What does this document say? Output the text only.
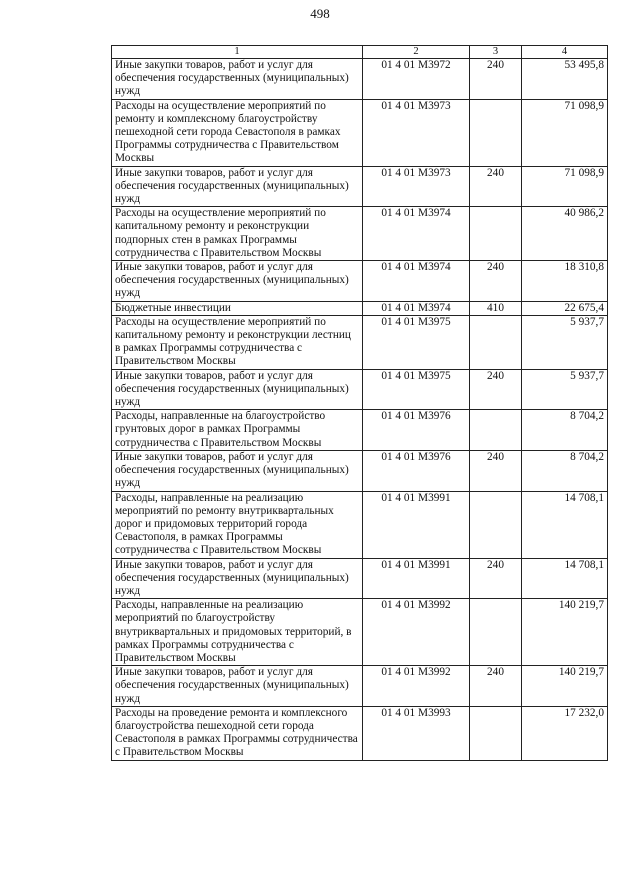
498
1	2	3	4
Иные закупки товаров, работ и услуг для обеспечения государственных (муниципальных) нужд	01 4 01 М3972	240	53 495,8
Расходы на осуществление мероприятий по ремонту и комплексному благоустройству пешеходной сети города Севастополя в рамках Программы сотрудничества с Правительством Москвы	01 4 01 М3973		71 098,9
Иные закупки товаров, работ и услуг для обеспечения государственных (муниципальных) нужд	01 4 01 М3973	240	71 098,9
Расходы на осуществление мероприятий по капитальному ремонту и реконструкции подпорных стен в рамках Программы сотрудничества с Правительством Москвы	01 4 01 М3974		40 986,2
Иные закупки товаров, работ и услуг для обеспечения государственных (муниципальных) нужд	01 4 01 М3974	240	18 310,8
Бюджетные инвестиции	01 4 01 М3974	410	22 675,4
Расходы на осуществление мероприятий по капитальному ремонту и реконструкции лестниц в рамках Программы сотрудничества с Правительством Москвы	01 4 01 М3975		5 937,7
Иные закупки товаров, работ и услуг для обеспечения государственных (муниципальных) нужд	01 4 01 М3975	240	5 937,7
Расходы, направленные на благоустройство грунтовых дорог в рамках Программы сотрудничества с Правительством Москвы	01 4 01 М3976		8 704,2
Иные закупки товаров, работ и услуг для обеспечения государственных (муниципальных) нужд	01 4 01 М3976	240	8 704,2
Расходы, направленные на реализацию мероприятий по ремонту внутриквартальных дорог и придомовых территорий города Севастополя, в рамках Программы сотрудничества с Правительством Москвы	01 4 01 М3991		14 708,1
Иные закупки товаров, работ и услуг для обеспечения государственных (муниципальных) нужд	01 4 01 М3991	240	14 708,1
Расходы, направленные на реализацию мероприятий по благоустройству внутриквартальных и придомовых территорий, в рамках Программы сотрудничества с Правительством Москвы	01 4 01 М3992		140 219,7
Иные закупки товаров, работ и услуг для обеспечения государственных (муниципальных) нужд	01 4 01 М3992	240	140 219,7
Расходы на проведение ремонта и комплексного благоустройства пешеходной сети города Севастополя в рамках Программы сотрудничества с Правительством Москвы	01 4 01 М3993		17 232,0
